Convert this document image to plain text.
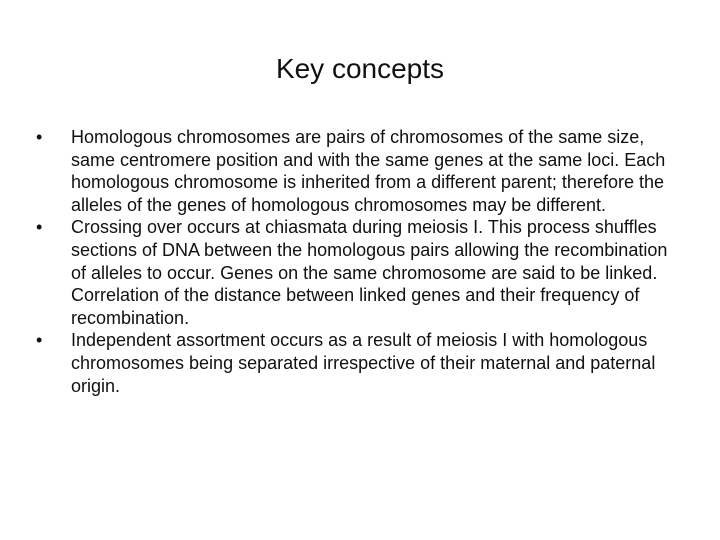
Key concepts
•	Homologous chromosomes are pairs of chromosomes of the same size, same centromere position and with the same genes at the same loci. Each homologous chromosome is inherited from a different parent; therefore the alleles of the genes of homologous chromosomes may be different.
•	Crossing over occurs at chiasmata during meiosis I. This process shuffles sections of DNA between the homologous pairs allowing the recombination of alleles to occur. Genes on the same chromosome are said to be linked. Correlation of the distance between linked genes and their frequency of recombination.
•	Independent assortment occurs as a result of meiosis I with homologous chromosomes being separated irrespective of their maternal and paternal origin.
